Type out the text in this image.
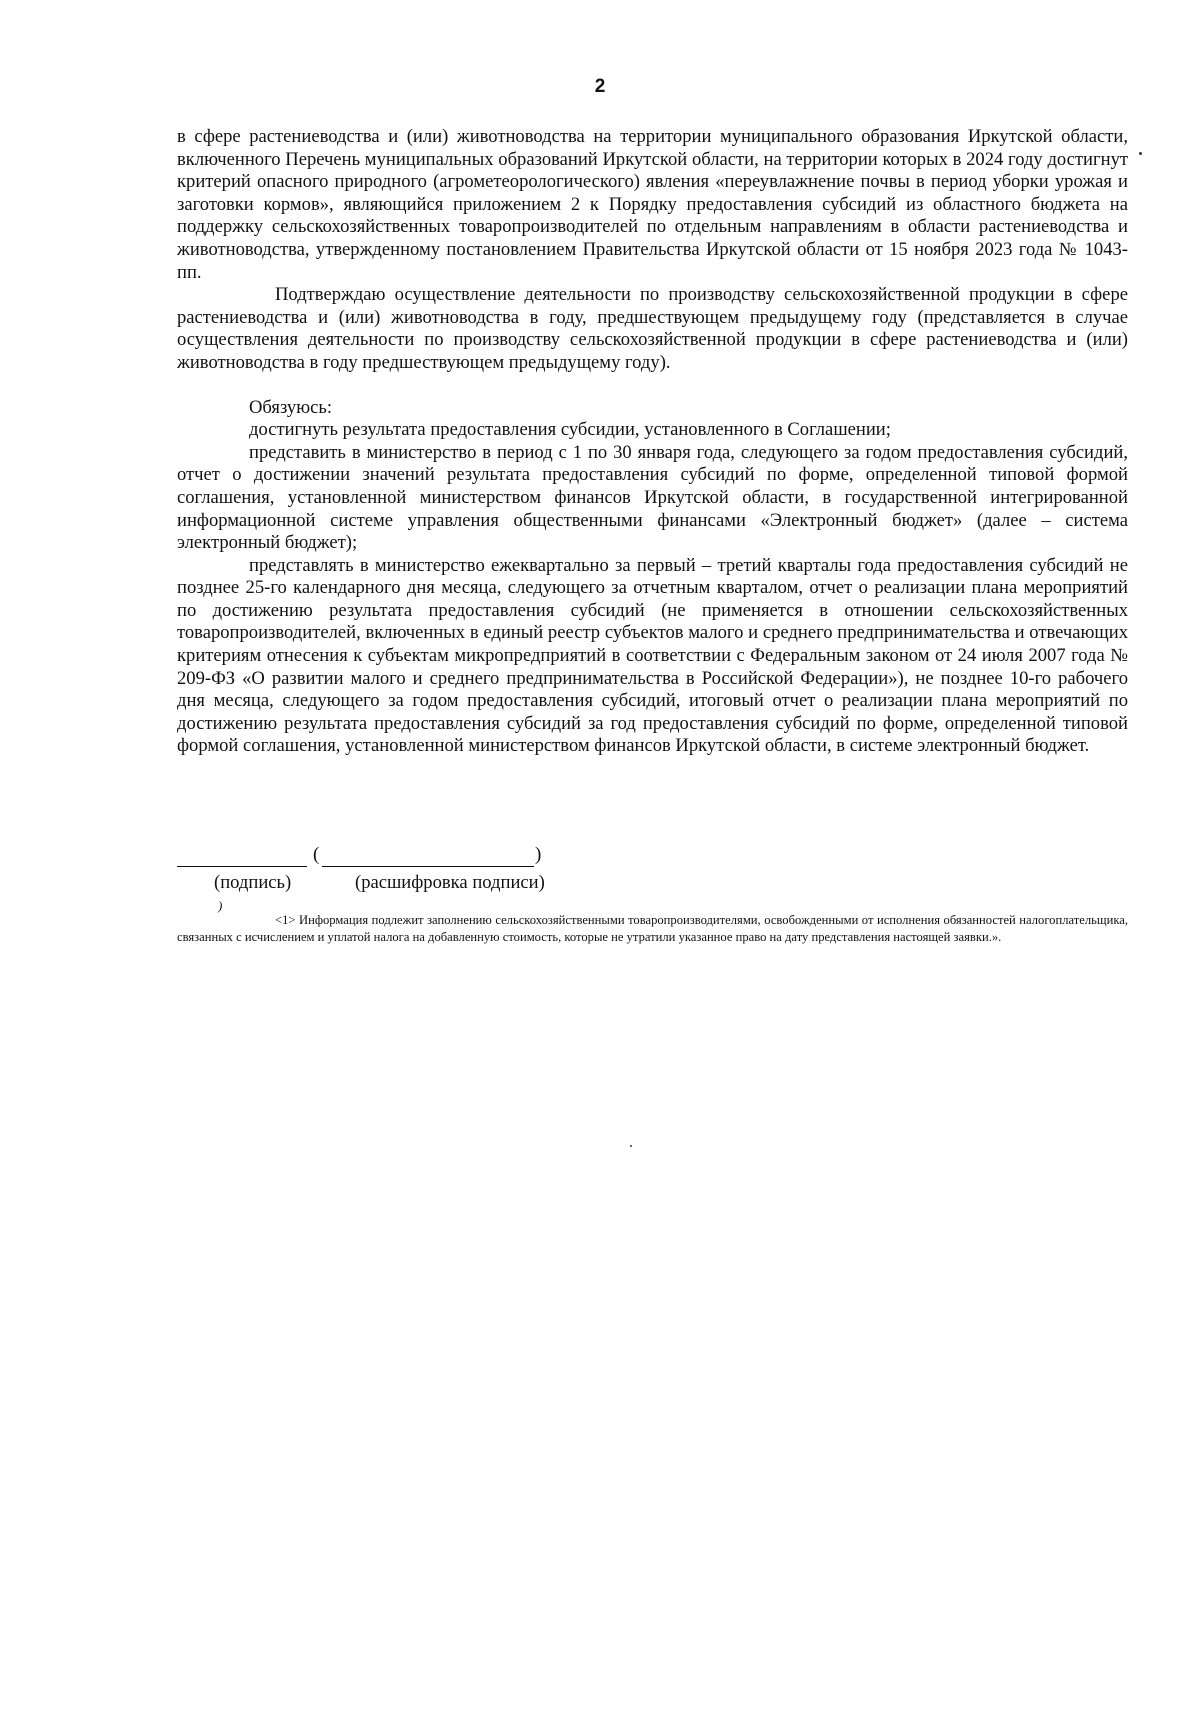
2

в сфере растениеводства и (или) животноводства на территории муниципального образования Иркутской области, включенного Перечень муниципальных образований Иркутской области, на территории которых в 2024 году достигнут критерий опасного природного (агрометеорологического) явления «переувлажнение почвы в период уборки урожая и заготовки кормов», являющийся приложением 2 к Порядку предоставления субсидий из областного бюджета на поддержку сельскохозяйственных товаропроизводителей по отдельным направлениям в области растениеводства и животноводства, утвержденному постановлением Правительства Иркутской области от 15 ноября 2023 года № 1043-пп.

Подтверждаю осуществление деятельности по производству сельскохозяйственной продукции в сфере растениеводства и (или) животноводства в году, предшествующем предыдущему году (представляется в случае осуществления деятельности по производству сельскохозяйственной продукции в сфере растениеводства и (или) животноводства в году предшествующем предыдущему году).

Обязуюсь:

достигнуть результата предоставления субсидии, установленного в Соглашении;

представить в министерство в период с 1 по 30 января года, следующего за годом предоставления субсидий, отчет о достижении значений результата предоставления субсидий по форме, определенной типовой формой соглашения, установленной министерством финансов Иркутской области, в государственной интегрированной информационной системе управления общественными финансами «Электронный бюджет» (далее – система электронный бюджет);

представлять в министерство ежеквартально за первый – третий кварталы года предоставления субсидий не позднее 25-го календарного дня месяца, следующего за отчетным кварталом, отчет о реализации плана мероприятий по достижению результата предоставления субсидий (не применяется в отношении сельскохозяйственных товаропроизводителей, включенных в единый реестр субъектов малого и среднего предпринимательства и отвечающих критериям отнесения к субъектам микропредприятий в соответствии с Федеральным законом от 24 июля 2007 года № 209-ФЗ «О развитии малого и среднего предпринимательства в Российской Федерации»), не позднее 10-го рабочего дня месяца, следующего за годом предоставления субсидий, итоговый отчет о реализации плана мероприятий по достижению результата предоставления субсидий за год предоставления субсидий по форме, определенной типовой формой соглашения, установленной министерством финансов Иркутской области, в системе электронный бюджет.

(	)
(подпись)	(расшифровка подписи)
)

<1> Информация подлежит заполнению сельскохозяйственными товаропроизводителями, освобожденными от исполнения обязанностей налогоплательщика, связанных с исчислением и уплатой налога на добавленную стоимость, которые не утратили указанное право на дату представления настоящей заявки.».
